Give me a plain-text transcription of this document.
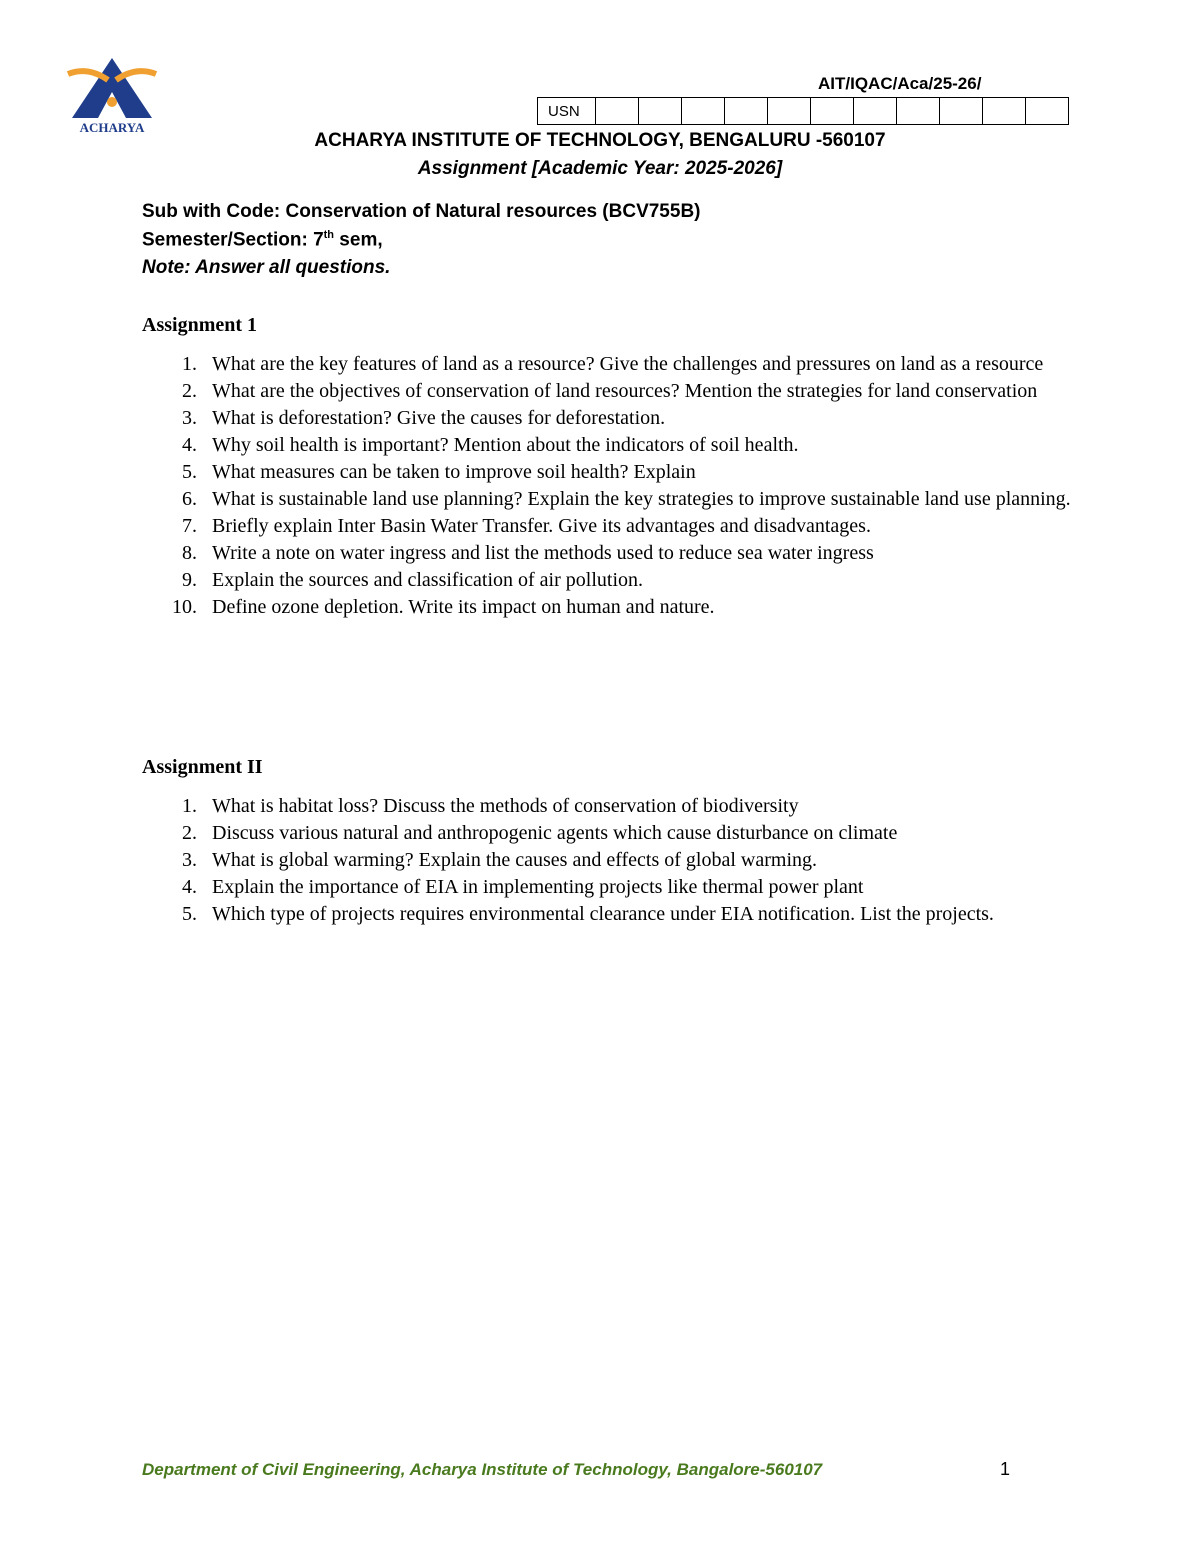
ACHARYA
AIT/IQAC/Aca/25-26/
USN											
ACHARYA INSTITUTE OF TECHNOLOGY, BENGALURU -560107
Assignment [Academic Year: 2025-2026]
Sub with Code: Conservation of Natural resources (BCV755B)
Semester/Section: 7th sem,
Note: Answer all questions.
Assignment 1
1. What are the key features of land as a resource? Give the challenges and pressures on land as a resource
2. What are the objectives of conservation of land resources? Mention the strategies for land conservation
3. What is deforestation? Give the causes for deforestation.
4. Why soil health is important? Mention about the indicators of soil health.
5. What measures can be taken to improve soil health? Explain
6. What is sustainable land use planning? Explain the key strategies to improve sustainable land use planning.
7. Briefly explain Inter Basin Water Transfer. Give its advantages and disadvantages.
8. Write a note on water ingress and list the methods used to reduce sea water ingress
9. Explain the sources and classification of air pollution.
10. Define ozone depletion. Write its impact on human and nature.
Assignment II
1. What is habitat loss? Discuss the methods of conservation of biodiversity
2. Discuss various natural and anthropogenic agents which cause disturbance on climate
3. What is global warming? Explain the causes and effects of global warming.
4. Explain the importance of EIA in implementing projects like thermal power plant
5. Which type of projects requires environmental clearance under EIA notification. List the projects.
Department of Civil Engineering, Acharya Institute of Technology, Bangalore-560107	1
